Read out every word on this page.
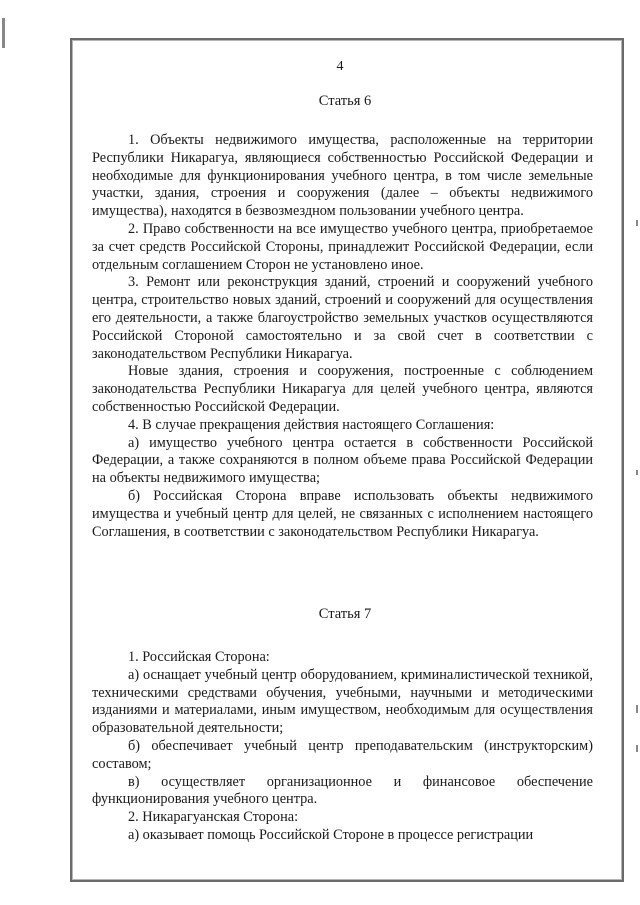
4
Статья 6

1. Объекты недвижимого имущества, расположенные на территории Республики Никарагуа, являющиеся собственностью Российской Федерации и необходимые для функционирования учебного центра, в том числе земельные участки, здания, строения и сооружения (далее – объекты недвижимого имущества), находятся в безвозмездном пользовании учебного центра.

2. Право собственности на все имущество учебного центра, приобретаемое за счет средств Российской Стороны, принадлежит Российской Федерации, если отдельным соглашением Сторон не установлено иное.

3. Ремонт или реконструкция зданий, строений и сооружений учебного центра, строительство новых зданий, строений и сооружений для осуществления его деятельности, а также благоустройство земельных участков осуществляются Российской Стороной самостоятельно и за свой счет в соответствии с законодательством Республики Никарагуа.

Новые здания, строения и сооружения, построенные с соблюдением законодательства Республики Никарагуа для целей учебного центра, являются собственностью Российской Федерации.

4. В случае прекращения действия настоящего Соглашения:

а) имущество учебного центра остается в собственности Российской Федерации, а также сохраняются в полном объеме права Российской Федерации на объекты недвижимого имущества;

б) Российская Сторона вправе использовать объекты недвижимого имущества и учебный центр для целей, не связанных с исполнением настоящего Соглашения, в соответствии с законодательством Республики Никарагуа.

Статья 7

1. Российская Сторона:

а) оснащает учебный центр оборудованием, криминалистической техникой, техническими средствами обучения, учебными, научными и методическими изданиями и материалами, иным имуществом, необходимым для осуществления образовательной деятельности;

б) обеспечивает учебный центр преподавательским (инструкторским) составом;

в) осуществляет организационное и финансовое обеспечение функционирования учебного центра.

2. Никарагуанская Сторона:

а) оказывает помощь Российской Стороне в процессе регистрации
